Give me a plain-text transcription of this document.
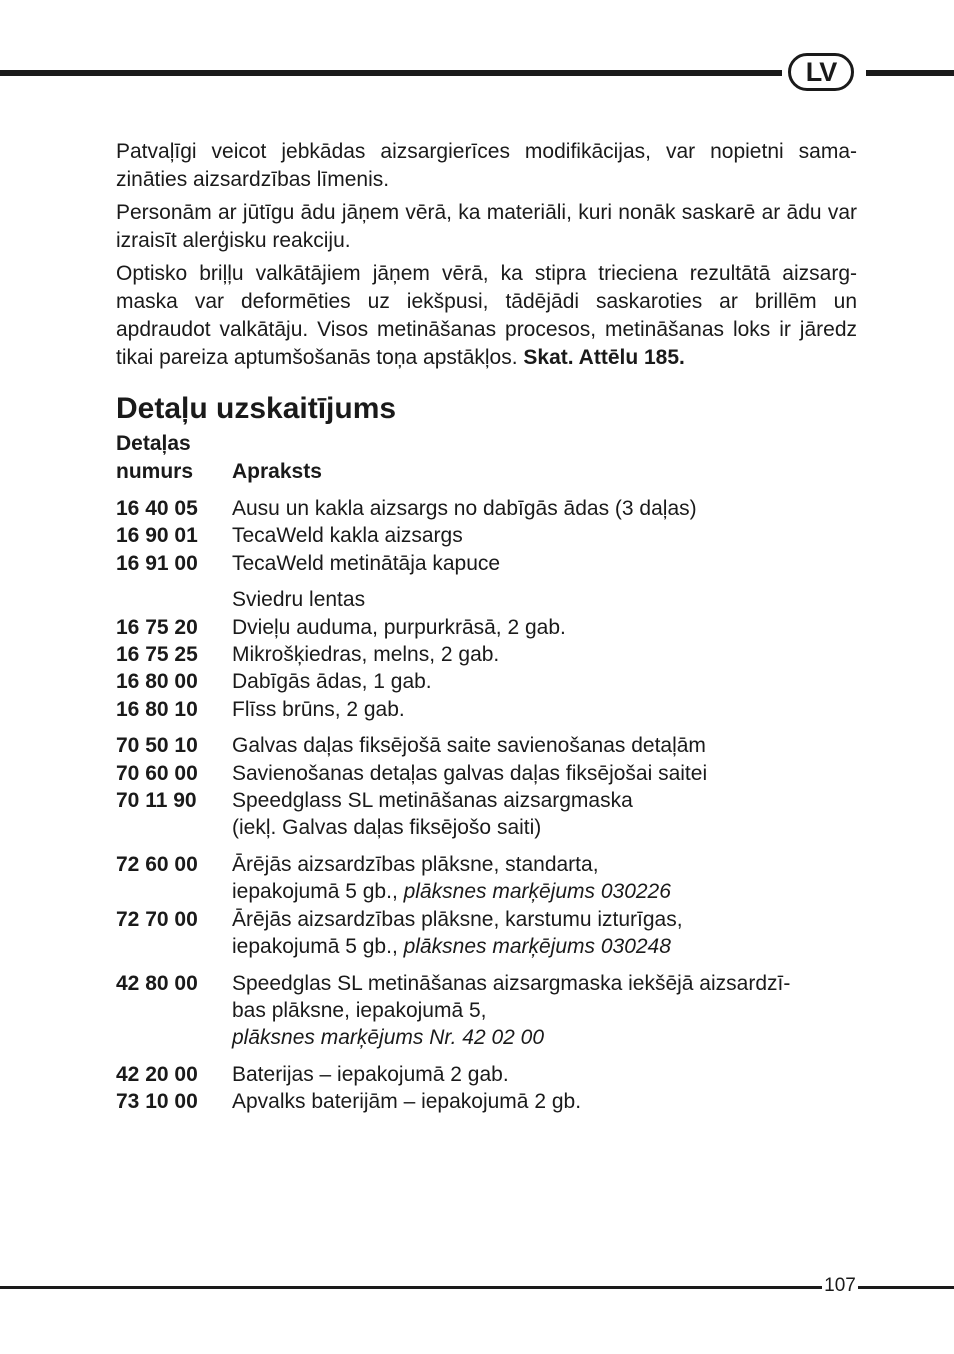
LV

Patvaļīgi veicot jebkādas aizsargierīces modifikācijas, var nopietni sama-zināties aizsardzības līmenis.

Personām ar jūtīgu ādu jāņem vērā, ka materiāli, kuri nonāk saskarē ar ādu var izraisīt alerģisku reakciju.

Optisko briļļu valkātājiem jāņem vērā, ka stipra trieciena rezultātā aizsarg-maska var deformēties uz iekšpusi, tādējādi saskaroties ar brillēm un apdraudot valkātāju. Visos metināšanas procesos, metināšanas loks ir jāredz tikai pareiza aptumšošanās toņa apstākļos. Skat. Attēlu 185.

Detaļu uzskaitījums
Detaļas
numurs	Apraksts
16 40 05	Ausu un kakla aizsargs no dabīgās ādas (3 daļas)
16 90 01	TecaWeld kakla aizsargs
16 91 00	TecaWeld metinātāja kapuce
Sviedru lentas
16 75 20	Dvieļu auduma, purpurkrāsā, 2 gab.
16 75 25	Mikrošķiedras, melns, 2 gab.
16 80 00	Dabīgās ādas, 1 gab.
16 80 10	Flīss brūns, 2 gab.
70 50 10	Galvas daļas fiksējošā saite savienošanas detaļām
70 60 00	Savienošanas detaļas galvas daļas fiksējošai saitei
70 11 90	Speedglass SL metināšanas aizsargmaska
(iekļ. Galvas daļas fiksējošo saiti)
72 60 00	Ārējās aizsardzības plāksne, standarta,
iepakojumā 5 gb., plāksnes marķējums 030226
72 70 00	Ārējās aizsardzības plāksne, karstumu izturīgas,
iepakojumā 5 gb., plāksnes marķējums 030248
42 80 00	Speedglas SL metināšanas aizsargmaska iekšējā aizsardzī-
bas plāksne, iepakojumā 5,
plāksnes marķējums Nr. 42 02 00
42 20 00	Baterijas – iepakojumā 2 gab.
73 10 00	Apvalks baterijām – iepakojumā 2 gb.
107
